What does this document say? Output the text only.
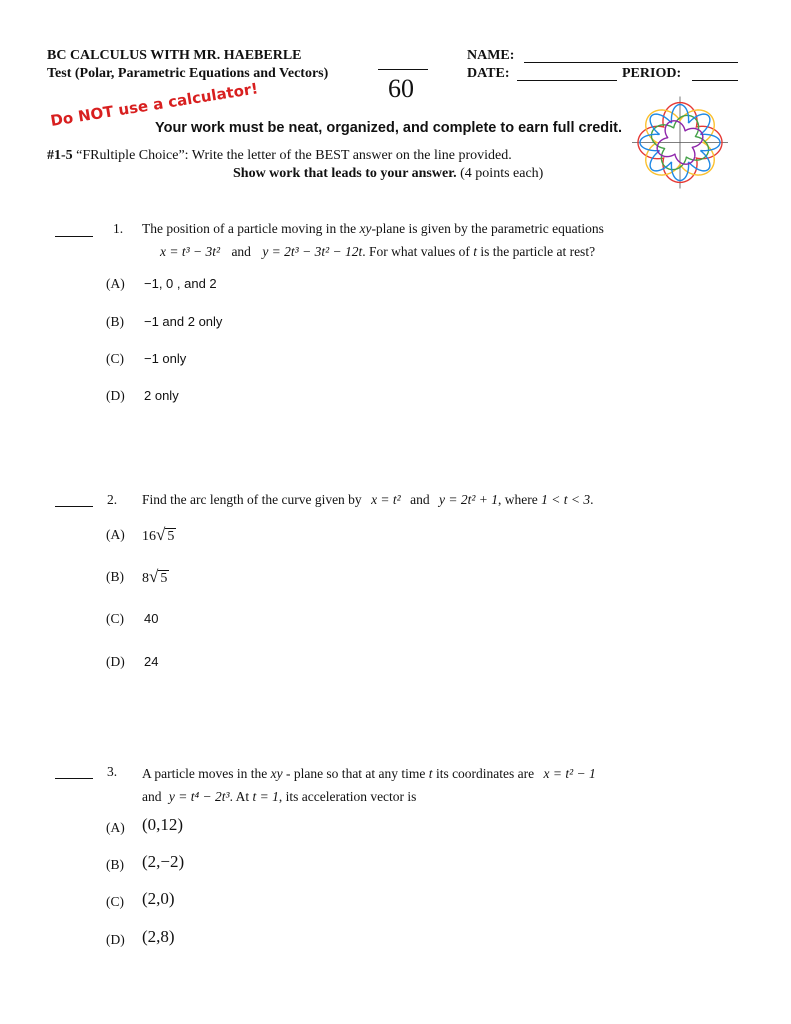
BC CALCULUS WITH MR. HAEBERLE
Test (Polar, Parametric Equations and Vectors)
60
NAME:
DATE:	PERIOD:
Do NOT use a calculator!
Your work must be neat, organized, and complete to earn full credit.
#1-5 “FRultiple Choice”: Write the letter of the BEST answer on the line provided.
Show work that leads to your answer. (4 points each)
1. The position of a particle moving in the xy-plane is given by the parametric equations
x = t³ − 3t² and y = 2t³ − 3t² − 12t. For what values of t is the particle at rest?
(A) −1, 0 , and 2
(B) −1 and 2 only
(C) −1 only
(D) 2 only
2. Find the arc length of the curve given by x = t² and y = 2t² + 1, where 1 < t < 3.
(A) 16√ 5
(B) 8√ 5
(C) 40
(D) 24
3. A particle moves in the xy - plane so that at any time t its coordinates are x = t² − 1
and y = t⁴ − 2t³. At t = 1, its acceleration vector is
(A) (0,12)
(B) (2,−2)
(C) (2,0)
(D) (2,8)
